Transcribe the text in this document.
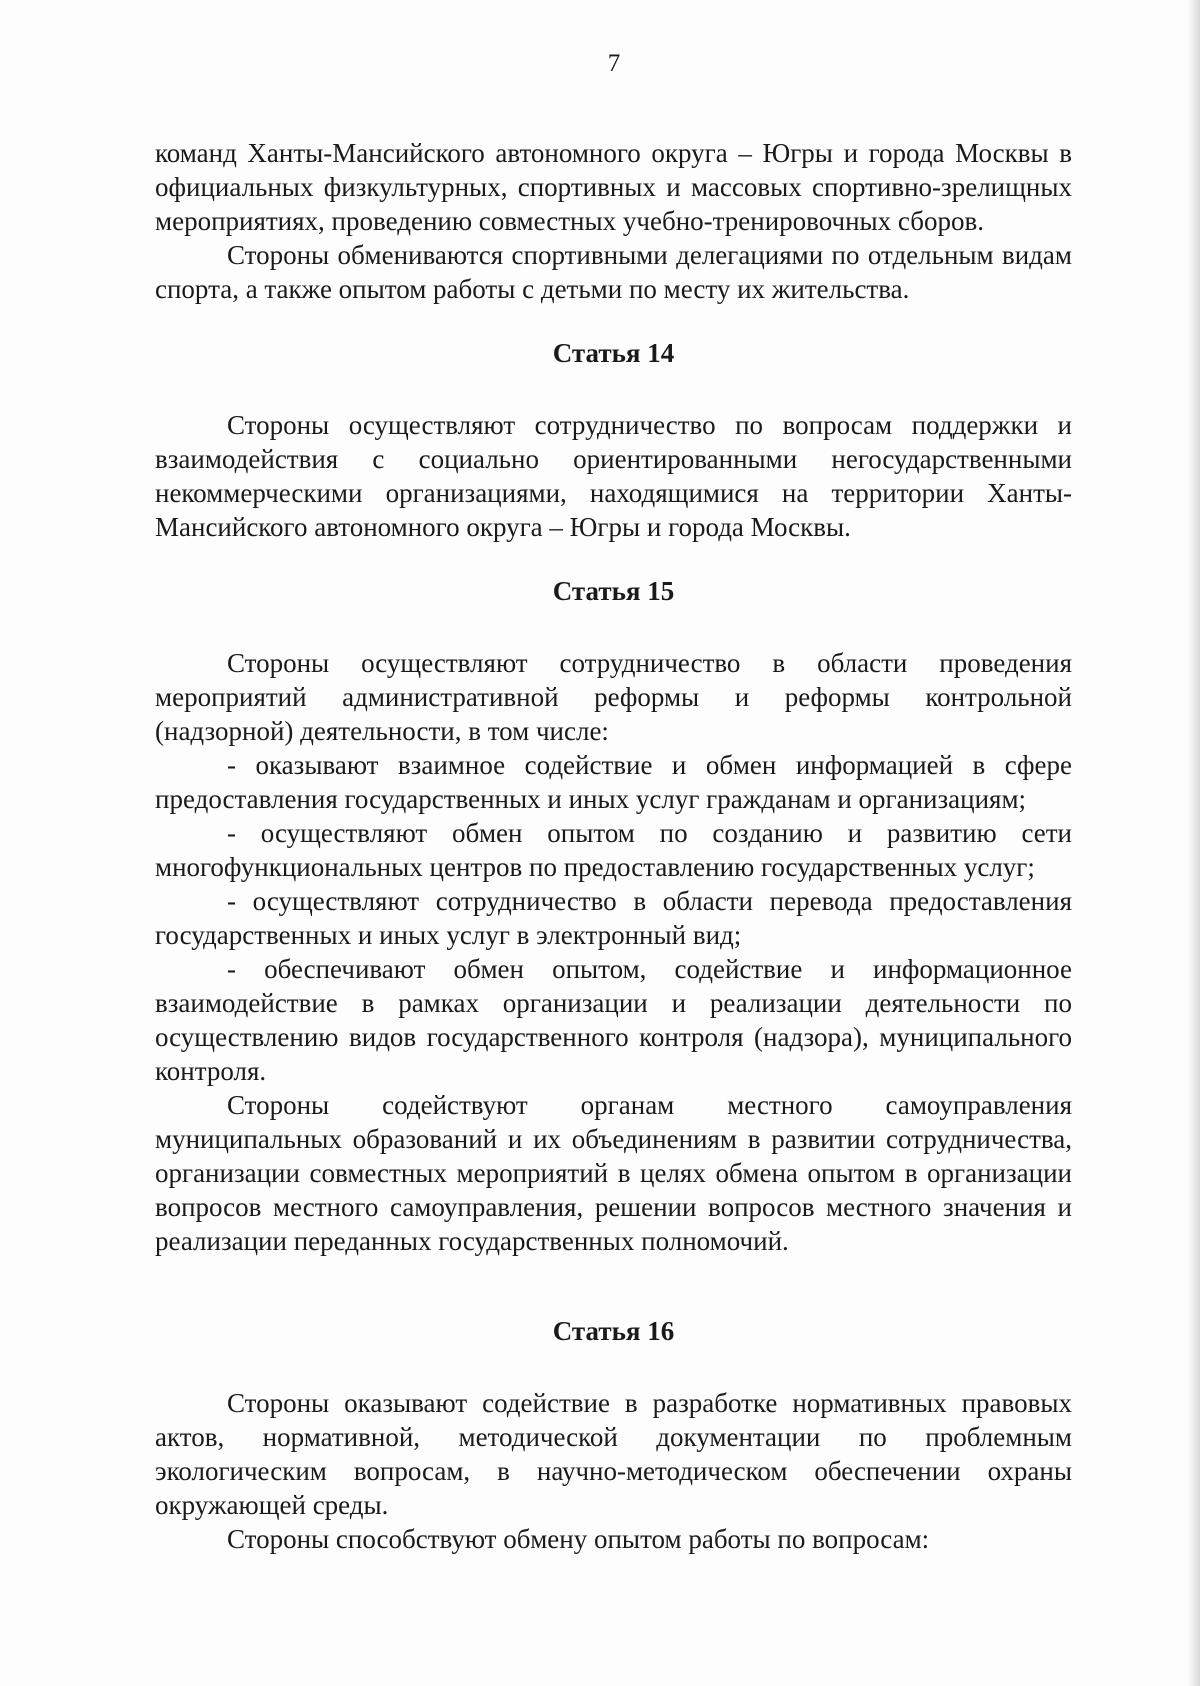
7

команд Ханты-Мансийского автономного округа – Югры и города Москвы в официальных физкультурных, спортивных и массовых спортивно-зрелищных мероприятиях, проведению совместных учебно-тренировочных сборов.

Стороны обмениваются спортивными делегациями по отдельным видам спорта, а также опытом работы с детьми по месту их жительства.

Статья 14

Стороны осуществляют сотрудничество по вопросам поддержки и взаимодействия с социально ориентированными негосударственными некоммерческими организациями, находящимися на территории Ханты-Мансийского автономного округа – Югры и города Москвы.

Статья 15

Стороны осуществляют сотрудничество в области проведения мероприятий административной реформы и реформы контрольной (надзорной) деятельности, в том числе:

- оказывают взаимное содействие и обмен информацией в сфере предоставления государственных и иных услуг гражданам и организациям;

- осуществляют обмен опытом по созданию и развитию сети многофункциональных центров по предоставлению государственных услуг;

- осуществляют сотрудничество в области перевода предоставления государственных и иных услуг в электронный вид;

- обеспечивают обмен опытом, содействие и информационное взаимодействие в рамках организации и реализации деятельности по осуществлению видов государственного контроля (надзора), муниципального контроля.

Стороны содействуют органам местного самоуправления муниципальных образований и их объединениям в развитии сотрудничества, организации совместных мероприятий в целях обмена опытом в организации вопросов местного самоуправления, решении вопросов местного значения и реализации переданных государственных полномочий.

Статья 16

Стороны оказывают содействие в разработке нормативных правовых актов, нормативной, методической документации по проблемным экологическим вопросам, в научно-методическом обеспечении охраны окружающей среды.

Стороны способствуют обмену опытом работы по вопросам:
